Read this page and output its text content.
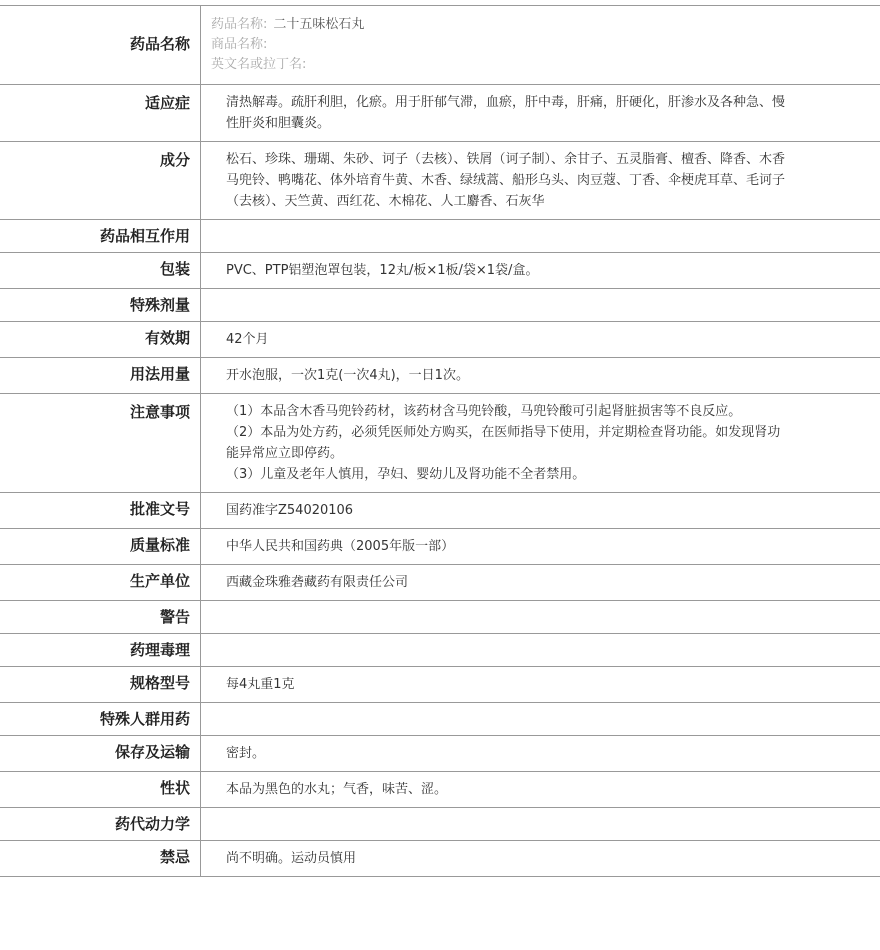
药品名称	药品名称: 二十五味松石丸
商品名称:
英文名或拉丁名:

适应症	清热解毒。疏肝利胆，化瘀。用于肝郁气滞，血瘀，肝中毒，肝痛，肝硬化，肝渗水及各种急、慢性肝炎和胆囊炎。
成分	松石、珍珠、珊瑚、朱砂、诃子（去核）、铁屑（诃子制）、余甘子、五灵脂膏、檀香、降香、木香马兜铃、鸭嘴花、体外培育牛黄、木香、绿绒蒿、船形乌头、肉豆蔻、丁香、伞梗虎耳草、毛诃子（去核）、天竺黄、西红花、木棉花、人工麝香、石灰华
药品相互作用	
包装	PVC、PTP铝塑泡罩包装，12丸/板×1板/袋×1袋/盒。
特殊剂量	
有效期	42个月
用法用量	开水泡服，一次1克(一次4丸)，一日1次。
注意事项	（1）本品含木香马兜铃药材，该药材含马兜铃酸，马兜铃酸可引起肾脏损害等不良反应。
（2）本品为处方药，必须凭医师处方购买，在医师指导下使用，并定期检查肾功能。如发现肾功能异常应立即停药。
（3）儿童及老年人慎用，孕妇、婴幼儿及肾功能不全者禁用。

批准文号	国药准字Z54020106
质量标准	中华人民共和国药典（2005年版一部）
生产单位	西藏金珠雅砻藏药有限责任公司
警告	
药理毒理	
规格型号	每4丸重1克
特殊人群用药	
保存及运输	密封。
性状	本品为黑色的水丸；气香，味苦、涩。
药代动力学	
禁忌	尚不明确。运动员慎用
